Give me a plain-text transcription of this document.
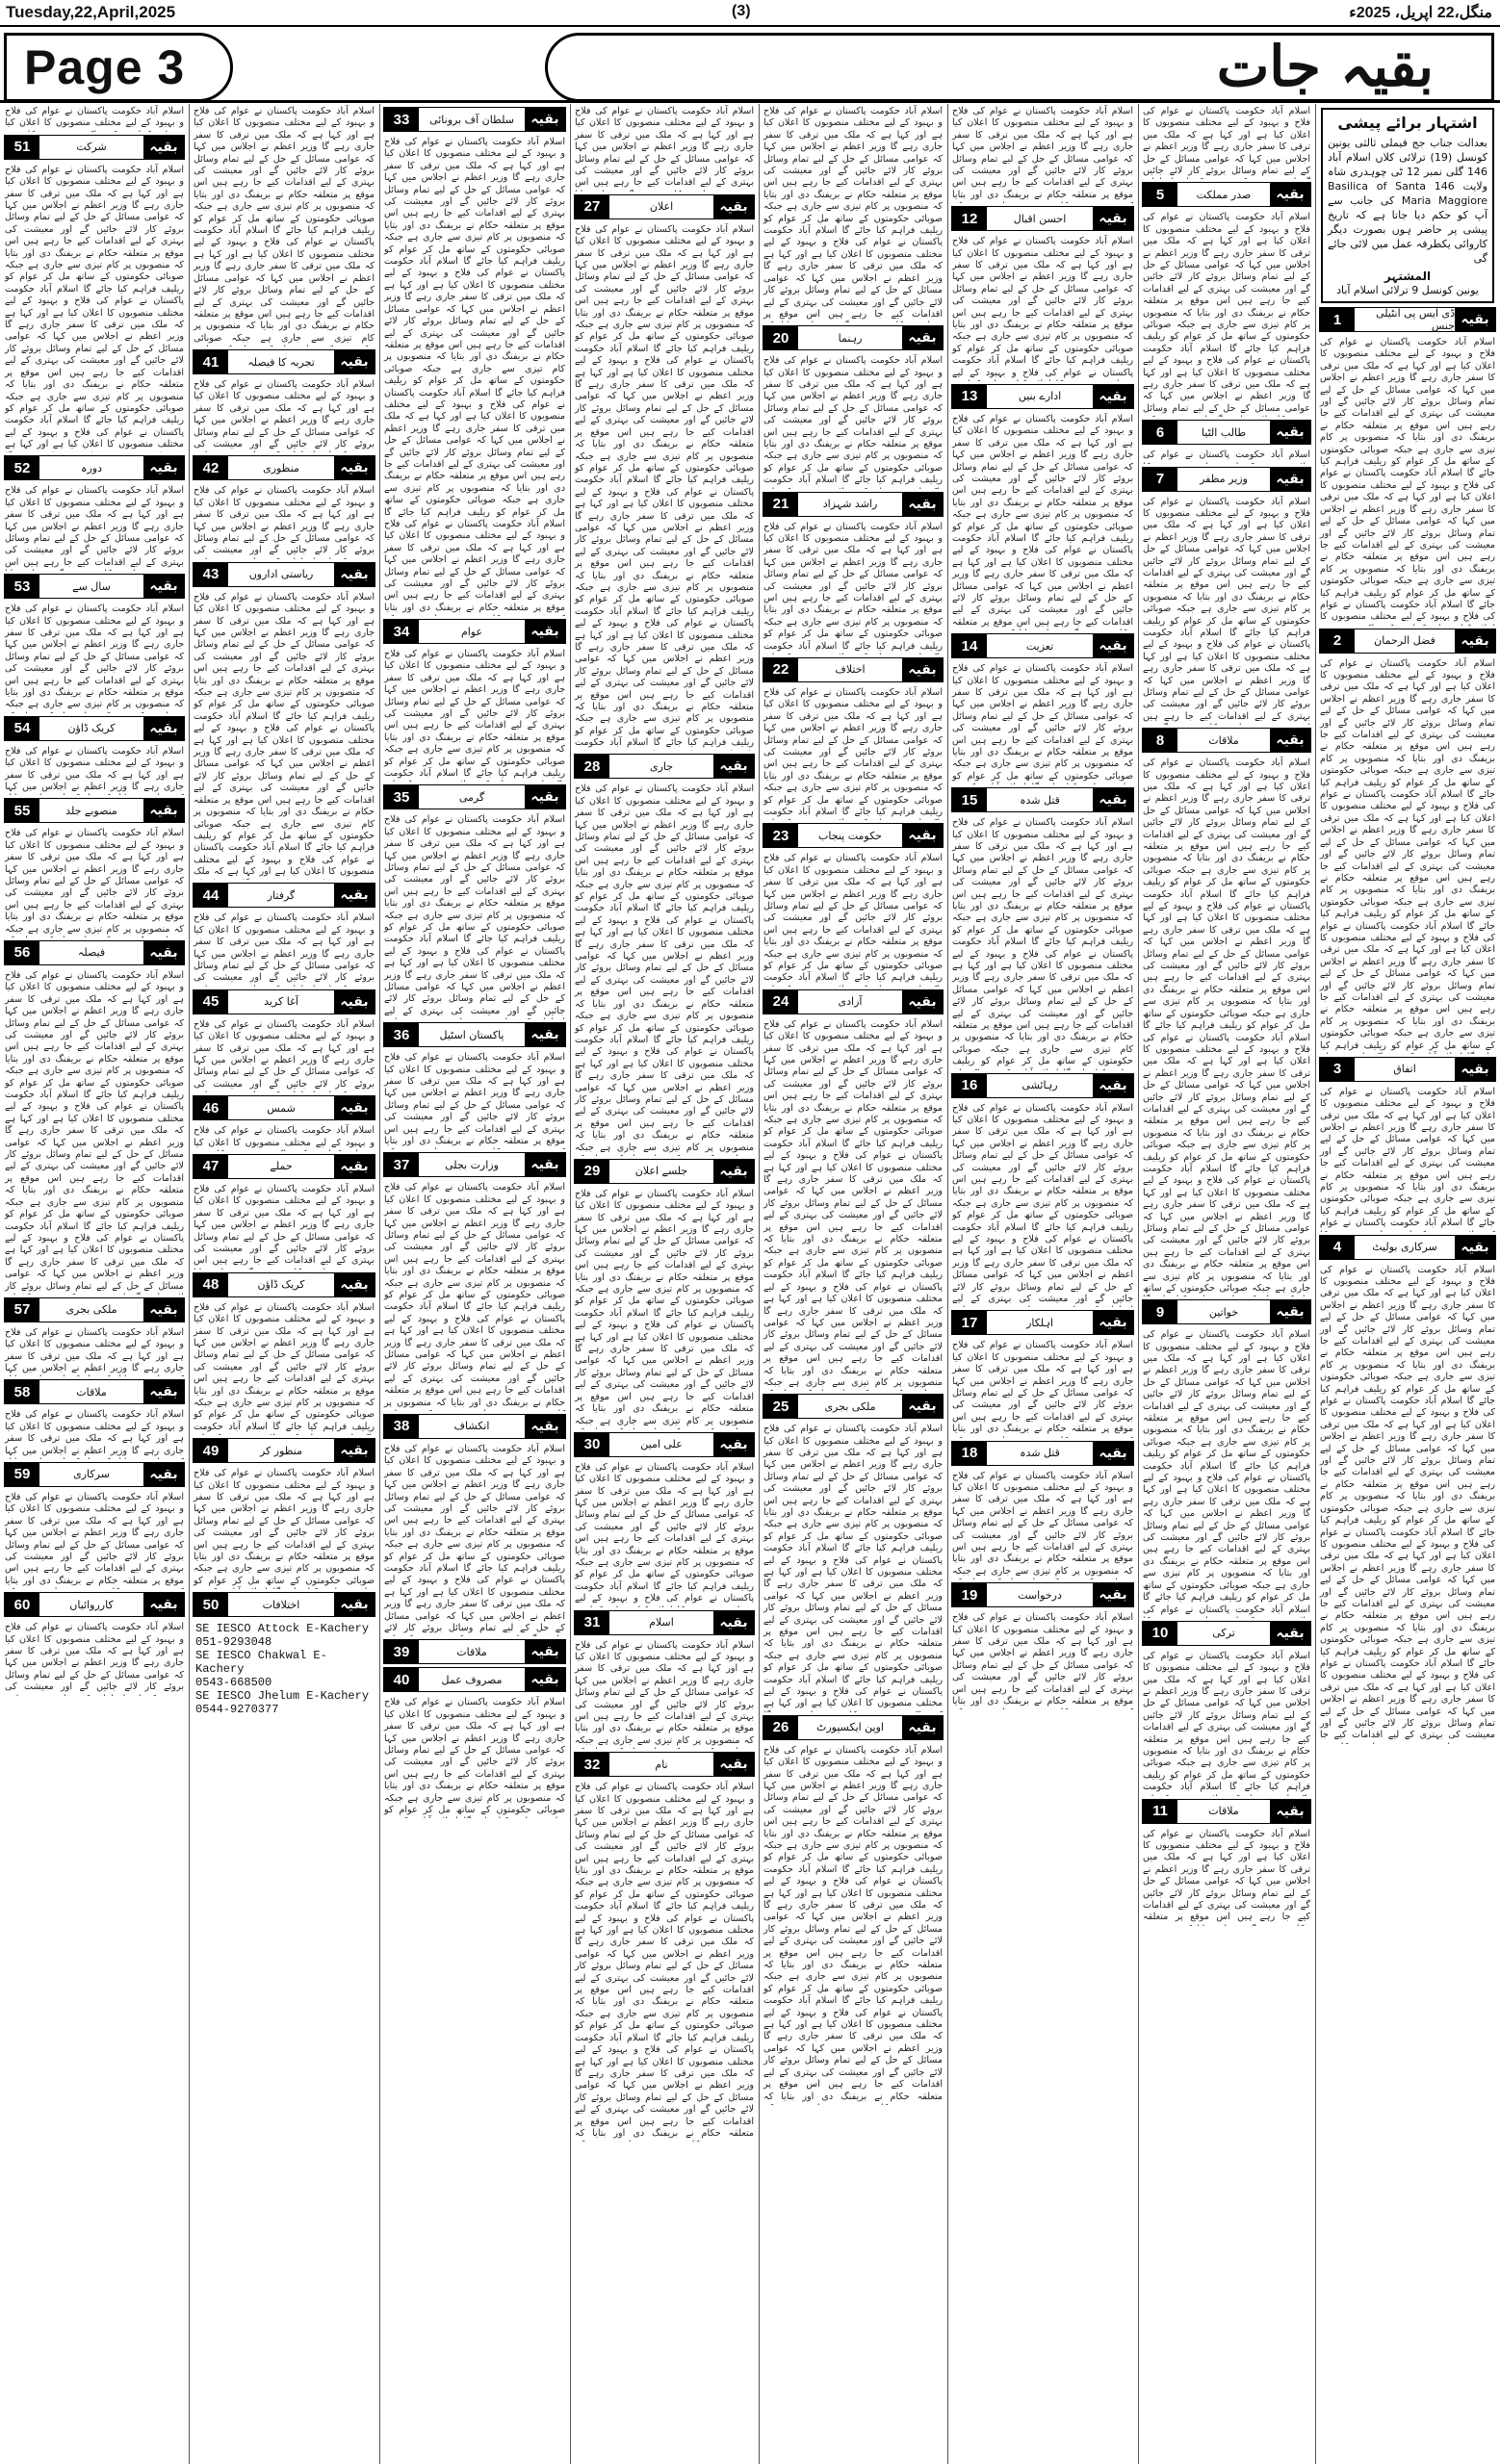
Tuesday,22,April,2025	(3)	منگل،22 اپریل، 2025ء
Page 3	بقیہ جات
اسلام آباد حکومت پاکستان نے عوام کی فلاح و بہبود کے لیے مختلف منصوبوں کا اعلان کیا
51	شرکت	بقیہ
اسلام آباد حکومت پاکستان نے عوام کی فلاح و بہبود کے لیے مختلف منصوبوں کا اعلان کیا ہے اور کہا ہے کہ ملک میں ترقی کا سفر جاری رہے گا وزیر اعظم نے اجلاس میں کہا کہ عوامی مسائل کے حل کے لیے تمام وسائل بروئے کار لائے جائیں گے اور معیشت کی بہتری کے لیے اقدامات کیے جا رہے ہیں اس موقع پر متعلقہ حکام نے بریفنگ دی اور بتایا کہ منصوبوں پر کام تیزی سے جاری ہے جبکہ صوبائی حکومتوں کے ساتھ مل کر عوام کو ریلیف فراہم کیا جائے گا اسلام آباد حکومت پاکستان نے عوام کی فلاح و بہبود کے لیے مختلف منصوبوں کا اعلان کیا ہے اور کہا ہے کہ ملک میں ترقی کا سفر جاری رہے گا وزیر اعظم نے اجلاس میں کہا کہ عوامی مسائل کے حل کے لیے تمام وسائل بروئے کار لائے جائیں گے اور معیشت کی بہتری کے لیے اقدامات کیے جا رہے ہیں اس موقع پر متعلقہ حکام نے بریفنگ دی اور بتایا کہ منصوبوں پر کام تیزی سے جاری ہے جبکہ صوبائی حکومتوں کے ساتھ مل کر عوام کو ریلیف فراہم کیا جائے گا اسلام آباد حکومت پاکستان نے عوام کی فلاح و بہبود کے لیے مختلف منصوبوں کا اعلان کیا ہے اور کہا ہے
52	دورہ	بقیہ
اسلام آباد حکومت پاکستان نے عوام کی فلاح و بہبود کے لیے مختلف منصوبوں کا اعلان کیا ہے اور کہا ہے کہ ملک میں ترقی کا سفر جاری رہے گا وزیر اعظم نے اجلاس میں کہا کہ عوامی مسائل کے حل کے لیے تمام وسائل بروئے کار لائے جائیں گے اور معیشت کی بہتری کے لیے اقدامات کیے جا رہے ہیں اس
53	سال سے	بقیہ
اسلام آباد حکومت پاکستان نے عوام کی فلاح و بہبود کے لیے مختلف منصوبوں کا اعلان کیا ہے اور کہا ہے کہ ملک میں ترقی کا سفر جاری رہے گا وزیر اعظم نے اجلاس میں کہا کہ عوامی مسائل کے حل کے لیے تمام وسائل بروئے کار لائے جائیں گے اور معیشت کی بہتری کے لیے اقدامات کیے جا رہے ہیں اس موقع پر متعلقہ حکام نے بریفنگ دی اور بتایا کہ منصوبوں پر کام تیزی سے جاری ہے جبکہ
54	کریک ڈاؤن	بقیہ
اسلام آباد حکومت پاکستان نے عوام کی فلاح و بہبود کے لیے مختلف منصوبوں کا اعلان کیا ہے اور کہا ہے کہ ملک میں ترقی کا سفر جاری رہے گا وزیر اعظم نے اجلاس میں کہا
55	منصوبے جلد	بقیہ
اسلام آباد حکومت پاکستان نے عوام کی فلاح و بہبود کے لیے مختلف منصوبوں کا اعلان کیا ہے اور کہا ہے کہ ملک میں ترقی کا سفر جاری رہے گا وزیر اعظم نے اجلاس میں کہا کہ عوامی مسائل کے حل کے لیے تمام وسائل بروئے کار لائے جائیں گے اور معیشت کی بہتری کے لیے اقدامات کیے جا رہے ہیں اس موقع پر متعلقہ حکام نے بریفنگ دی اور بتایا کہ منصوبوں پر کام تیزی سے جاری ہے جبکہ
56	فیصلہ	بقیہ
اسلام آباد حکومت پاکستان نے عوام کی فلاح و بہبود کے لیے مختلف منصوبوں کا اعلان کیا ہے اور کہا ہے کہ ملک میں ترقی کا سفر جاری رہے گا وزیر اعظم نے اجلاس میں کہا کہ عوامی مسائل کے حل کے لیے تمام وسائل بروئے کار لائے جائیں گے اور معیشت کی بہتری کے لیے اقدامات کیے جا رہے ہیں اس موقع پر متعلقہ حکام نے بریفنگ دی اور بتایا کہ منصوبوں پر کام تیزی سے جاری ہے جبکہ صوبائی حکومتوں کے ساتھ مل کر عوام کو ریلیف فراہم کیا جائے گا اسلام آباد حکومت پاکستان نے عوام کی فلاح و بہبود کے لیے مختلف منصوبوں کا اعلان کیا ہے اور کہا ہے کہ ملک میں ترقی کا سفر جاری رہے گا وزیر اعظم نے اجلاس میں کہا کہ عوامی مسائل کے حل کے لیے تمام وسائل بروئے کار لائے جائیں گے اور معیشت کی بہتری کے لیے اقدامات کیے جا رہے ہیں اس موقع پر متعلقہ حکام نے بریفنگ دی اور بتایا کہ منصوبوں پر کام تیزی سے جاری ہے جبکہ صوبائی حکومتوں کے ساتھ مل کر عوام کو ریلیف فراہم کیا جائے گا اسلام آباد حکومت پاکستان نے عوام کی فلاح و بہبود کے لیے مختلف منصوبوں کا اعلان کیا ہے اور کہا ہے کہ ملک میں ترقی کا سفر جاری رہے گا وزیر اعظم نے اجلاس میں کہا کہ عوامی مسائل کے حل کے لیے تمام وسائل بروئے کار
57	ملکی بجری	بقیہ
اسلام آباد حکومت پاکستان نے عوام کی فلاح و بہبود کے لیے مختلف منصوبوں کا اعلان کیا ہے اور کہا ہے کہ ملک میں ترقی کا سفر جاری رہے گا وزیر اعظم نے اجلاس میں کہا
58	ملاقات	بقیہ
اسلام آباد حکومت پاکستان نے عوام کی فلاح و بہبود کے لیے مختلف منصوبوں کا اعلان کیا ہے اور کہا ہے کہ ملک میں ترقی کا سفر جاری رہے گا وزیر اعظم نے اجلاس میں کہا
59	سرکاری	بقیہ
اسلام آباد حکومت پاکستان نے عوام کی فلاح و بہبود کے لیے مختلف منصوبوں کا اعلان کیا ہے اور کہا ہے کہ ملک میں ترقی کا سفر جاری رہے گا وزیر اعظم نے اجلاس میں کہا کہ عوامی مسائل کے حل کے لیے تمام وسائل بروئے کار لائے جائیں گے اور معیشت کی بہتری کے لیے اقدامات کیے جا رہے ہیں اس موقع پر متعلقہ حکام نے بریفنگ دی اور بتایا
60	کارروائیاں	بقیہ
اسلام آباد حکومت پاکستان نے عوام کی فلاح و بہبود کے لیے مختلف منصوبوں کا اعلان کیا ہے اور کہا ہے کہ ملک میں ترقی کا سفر جاری رہے گا وزیر اعظم نے اجلاس میں کہا کہ عوامی مسائل کے حل کے لیے تمام وسائل بروئے کار لائے جائیں گے اور معیشت کی
اسلام آباد حکومت پاکستان نے عوام کی فلاح و بہبود کے لیے مختلف منصوبوں کا اعلان کیا ہے اور کہا ہے کہ ملک میں ترقی کا سفر جاری رہے گا وزیر اعظم نے اجلاس میں کہا کہ عوامی مسائل کے حل کے لیے تمام وسائل بروئے کار لائے جائیں گے اور معیشت کی بہتری کے لیے اقدامات کیے جا رہے ہیں اس موقع پر متعلقہ حکام نے بریفنگ دی اور بتایا کہ منصوبوں پر کام تیزی سے جاری ہے جبکہ صوبائی حکومتوں کے ساتھ مل کر عوام کو ریلیف فراہم کیا جائے گا اسلام آباد حکومت پاکستان نے عوام کی فلاح و بہبود کے لیے مختلف منصوبوں کا اعلان کیا ہے اور کہا ہے کہ ملک میں ترقی کا سفر جاری رہے گا وزیر اعظم نے اجلاس میں کہا کہ عوامی مسائل کے حل کے لیے تمام وسائل بروئے کار لائے جائیں گے اور معیشت کی بہتری کے لیے اقدامات کیے جا رہے ہیں اس موقع پر متعلقہ حکام نے بریفنگ دی اور بتایا کہ منصوبوں پر کام تیزی سے جاری ہے جبکہ صوبائی
41	تجربہ کا فیصلہ	بقیہ
اسلام آباد حکومت پاکستان نے عوام کی فلاح و بہبود کے لیے مختلف منصوبوں کا اعلان کیا ہے اور کہا ہے کہ ملک میں ترقی کا سفر جاری رہے گا وزیر اعظم نے اجلاس میں کہا کہ عوامی مسائل کے حل کے لیے تمام وسائل بروئے کار لائے جائیں گے اور معیشت کی
42	منظوری	بقیہ
اسلام آباد حکومت پاکستان نے عوام کی فلاح و بہبود کے لیے مختلف منصوبوں کا اعلان کیا ہے اور کہا ہے کہ ملک میں ترقی کا سفر جاری رہے گا وزیر اعظم نے اجلاس میں کہا کہ عوامی مسائل کے حل کے لیے تمام وسائل بروئے کار لائے جائیں گے اور معیشت کی
43	ریاستی اداروں	بقیہ
اسلام آباد حکومت پاکستان نے عوام کی فلاح و بہبود کے لیے مختلف منصوبوں کا اعلان کیا ہے اور کہا ہے کہ ملک میں ترقی کا سفر جاری رہے گا وزیر اعظم نے اجلاس میں کہا کہ عوامی مسائل کے حل کے لیے تمام وسائل بروئے کار لائے جائیں گے اور معیشت کی بہتری کے لیے اقدامات کیے جا رہے ہیں اس موقع پر متعلقہ حکام نے بریفنگ دی اور بتایا کہ منصوبوں پر کام تیزی سے جاری ہے جبکہ صوبائی حکومتوں کے ساتھ مل کر عوام کو ریلیف فراہم کیا جائے گا اسلام آباد حکومت پاکستان نے عوام کی فلاح و بہبود کے لیے مختلف منصوبوں کا اعلان کیا ہے اور کہا ہے کہ ملک میں ترقی کا سفر جاری رہے گا وزیر اعظم نے اجلاس میں کہا کہ عوامی مسائل کے حل کے لیے تمام وسائل بروئے کار لائے جائیں گے اور معیشت کی بہتری کے لیے اقدامات کیے جا رہے ہیں اس موقع پر متعلقہ حکام نے بریفنگ دی اور بتایا کہ منصوبوں پر کام تیزی سے جاری ہے جبکہ صوبائی حکومتوں کے ساتھ مل کر عوام کو ریلیف فراہم کیا جائے گا اسلام آباد حکومت پاکستان نے عوام کی فلاح و بہبود کے لیے مختلف منصوبوں کا اعلان کیا ہے اور کہا ہے کہ ملک
44	گرفتار	بقیہ
اسلام آباد حکومت پاکستان نے عوام کی فلاح و بہبود کے لیے مختلف منصوبوں کا اعلان کیا ہے اور کہا ہے کہ ملک میں ترقی کا سفر جاری رہے گا وزیر اعظم نے اجلاس میں کہا کہ عوامی مسائل کے حل کے لیے تمام وسائل بروئے کار لائے جائیں گے اور معیشت کی
45	آغا کرید	بقیہ
اسلام آباد حکومت پاکستان نے عوام کی فلاح و بہبود کے لیے مختلف منصوبوں کا اعلان کیا ہے اور کہا ہے کہ ملک میں ترقی کا سفر جاری رہے گا وزیر اعظم نے اجلاس میں کہا کہ عوامی مسائل کے حل کے لیے تمام وسائل بروئے کار لائے جائیں گے اور معیشت کی
46	شمس	بقیہ
اسلام آباد حکومت پاکستان نے عوام کی فلاح و بہبود کے لیے مختلف منصوبوں کا اعلان کیا
47	حملے	بقیہ
اسلام آباد حکومت پاکستان نے عوام کی فلاح و بہبود کے لیے مختلف منصوبوں کا اعلان کیا ہے اور کہا ہے کہ ملک میں ترقی کا سفر جاری رہے گا وزیر اعظم نے اجلاس میں کہا کہ عوامی مسائل کے حل کے لیے تمام وسائل بروئے کار لائے جائیں گے اور معیشت کی بہتری کے لیے اقدامات کیے جا رہے ہیں اس
48	کریک ڈاؤن	بقیہ
اسلام آباد حکومت پاکستان نے عوام کی فلاح و بہبود کے لیے مختلف منصوبوں کا اعلان کیا ہے اور کہا ہے کہ ملک میں ترقی کا سفر جاری رہے گا وزیر اعظم نے اجلاس میں کہا کہ عوامی مسائل کے حل کے لیے تمام وسائل بروئے کار لائے جائیں گے اور معیشت کی بہتری کے لیے اقدامات کیے جا رہے ہیں اس موقع پر متعلقہ حکام نے بریفنگ دی اور بتایا کہ منصوبوں پر کام تیزی سے جاری ہے جبکہ صوبائی حکومتوں کے ساتھ مل کر عوام کو ریلیف فراہم کیا جائے گا اسلام آباد حکومت
49	منظور کر	بقیہ
اسلام آباد حکومت پاکستان نے عوام کی فلاح و بہبود کے لیے مختلف منصوبوں کا اعلان کیا ہے اور کہا ہے کہ ملک میں ترقی کا سفر جاری رہے گا وزیر اعظم نے اجلاس میں کہا کہ عوامی مسائل کے حل کے لیے تمام وسائل بروئے کار لائے جائیں گے اور معیشت کی بہتری کے لیے اقدامات کیے جا رہے ہیں اس موقع پر متعلقہ حکام نے بریفنگ دی اور بتایا کہ منصوبوں پر کام تیزی سے جاری ہے جبکہ صوبائی حکومتوں کے ساتھ مل کر عوام کو
50	اختلافات	بقیہ
SE IESCO Attock E-Kachery
051-9293048
SE IESCO Chakwal E-Kachery
0543-668500
SE IESCO Jhelum E-Kachery
0544-9270377
33	سلطان آف برونائی	بقیہ
اسلام آباد حکومت پاکستان نے عوام کی فلاح و بہبود کے لیے مختلف منصوبوں کا اعلان کیا ہے اور کہا ہے کہ ملک میں ترقی کا سفر جاری رہے گا وزیر اعظم نے اجلاس میں کہا کہ عوامی مسائل کے حل کے لیے تمام وسائل بروئے کار لائے جائیں گے اور معیشت کی بہتری کے لیے اقدامات کیے جا رہے ہیں اس موقع پر متعلقہ حکام نے بریفنگ دی اور بتایا کہ منصوبوں پر کام تیزی سے جاری ہے جبکہ صوبائی حکومتوں کے ساتھ مل کر عوام کو ریلیف فراہم کیا جائے گا اسلام آباد حکومت پاکستان نے عوام کی فلاح و بہبود کے لیے مختلف منصوبوں کا اعلان کیا ہے اور کہا ہے کہ ملک میں ترقی کا سفر جاری رہے گا وزیر اعظم نے اجلاس میں کہا کہ عوامی مسائل کے حل کے لیے تمام وسائل بروئے کار لائے جائیں گے اور معیشت کی بہتری کے لیے اقدامات کیے جا رہے ہیں اس موقع پر متعلقہ حکام نے بریفنگ دی اور بتایا کہ منصوبوں پر کام تیزی سے جاری ہے جبکہ صوبائی حکومتوں کے ساتھ مل کر عوام کو ریلیف فراہم کیا جائے گا اسلام آباد حکومت پاکستان نے عوام کی فلاح و بہبود کے لیے مختلف منصوبوں کا اعلان کیا ہے اور کہا ہے کہ ملک میں ترقی کا سفر جاری رہے گا وزیر اعظم نے اجلاس میں کہا کہ عوامی مسائل کے حل کے لیے تمام وسائل بروئے کار لائے جائیں گے اور معیشت کی بہتری کے لیے اقدامات کیے جا رہے ہیں اس موقع پر متعلقہ حکام نے بریفنگ دی اور بتایا کہ منصوبوں پر کام تیزی سے جاری ہے جبکہ صوبائی حکومتوں کے ساتھ مل کر عوام کو ریلیف فراہم کیا جائے گا اسلام آباد حکومت پاکستان نے عوام کی فلاح و بہبود کے لیے مختلف منصوبوں کا اعلان کیا ہے اور کہا ہے کہ ملک میں ترقی کا سفر جاری رہے گا وزیر اعظم نے اجلاس میں کہا کہ عوامی مسائل کے حل کے لیے تمام وسائل بروئے کار لائے جائیں گے اور معیشت کی بہتری کے لیے اقدامات کیے جا رہے ہیں اس موقع پر متعلقہ حکام نے بریفنگ دی اور بتایا
34	عوام	بقیہ
اسلام آباد حکومت پاکستان نے عوام کی فلاح و بہبود کے لیے مختلف منصوبوں کا اعلان کیا ہے اور کہا ہے کہ ملک میں ترقی کا سفر جاری رہے گا وزیر اعظم نے اجلاس میں کہا کہ عوامی مسائل کے حل کے لیے تمام وسائل بروئے کار لائے جائیں گے اور معیشت کی بہتری کے لیے اقدامات کیے جا رہے ہیں اس موقع پر متعلقہ حکام نے بریفنگ دی اور بتایا کہ منصوبوں پر کام تیزی سے جاری ہے جبکہ صوبائی حکومتوں کے ساتھ مل کر عوام کو ریلیف فراہم کیا جائے گا اسلام آباد حکومت
35	گرمی	بقیہ
اسلام آباد حکومت پاکستان نے عوام کی فلاح و بہبود کے لیے مختلف منصوبوں کا اعلان کیا ہے اور کہا ہے کہ ملک میں ترقی کا سفر جاری رہے گا وزیر اعظم نے اجلاس میں کہا کہ عوامی مسائل کے حل کے لیے تمام وسائل بروئے کار لائے جائیں گے اور معیشت کی بہتری کے لیے اقدامات کیے جا رہے ہیں اس موقع پر متعلقہ حکام نے بریفنگ دی اور بتایا کہ منصوبوں پر کام تیزی سے جاری ہے جبکہ صوبائی حکومتوں کے ساتھ مل کر عوام کو ریلیف فراہم کیا جائے گا اسلام آباد حکومت پاکستان نے عوام کی فلاح و بہبود کے لیے مختلف منصوبوں کا اعلان کیا ہے اور کہا ہے کہ ملک میں ترقی کا سفر جاری رہے گا وزیر اعظم نے اجلاس میں کہا کہ عوامی مسائل کے حل کے لیے تمام وسائل بروئے کار لائے جائیں گے اور معیشت کی بہتری کے لیے
36	پاکستان اسٹیل	بقیہ
اسلام آباد حکومت پاکستان نے عوام کی فلاح و بہبود کے لیے مختلف منصوبوں کا اعلان کیا ہے اور کہا ہے کہ ملک میں ترقی کا سفر جاری رہے گا وزیر اعظم نے اجلاس میں کہا کہ عوامی مسائل کے حل کے لیے تمام وسائل بروئے کار لائے جائیں گے اور معیشت کی بہتری کے لیے اقدامات کیے جا رہے ہیں اس موقع پر متعلقہ حکام نے بریفنگ دی اور بتایا
37	وزارت بجلی	بقیہ
اسلام آباد حکومت پاکستان نے عوام کی فلاح و بہبود کے لیے مختلف منصوبوں کا اعلان کیا ہے اور کہا ہے کہ ملک میں ترقی کا سفر جاری رہے گا وزیر اعظم نے اجلاس میں کہا کہ عوامی مسائل کے حل کے لیے تمام وسائل بروئے کار لائے جائیں گے اور معیشت کی بہتری کے لیے اقدامات کیے جا رہے ہیں اس موقع پر متعلقہ حکام نے بریفنگ دی اور بتایا کہ منصوبوں پر کام تیزی سے جاری ہے جبکہ صوبائی حکومتوں کے ساتھ مل کر عوام کو ریلیف فراہم کیا جائے گا اسلام آباد حکومت پاکستان نے عوام کی فلاح و بہبود کے لیے مختلف منصوبوں کا اعلان کیا ہے اور کہا ہے کہ ملک میں ترقی کا سفر جاری رہے گا وزیر اعظم نے اجلاس میں کہا کہ عوامی مسائل کے حل کے لیے تمام وسائل بروئے کار لائے جائیں گے اور معیشت کی بہتری کے لیے اقدامات کیے جا رہے ہیں اس موقع پر متعلقہ حکام نے بریفنگ دی اور بتایا کہ منصوبوں پر
38	انکشاف	بقیہ
اسلام آباد حکومت پاکستان نے عوام کی فلاح و بہبود کے لیے مختلف منصوبوں کا اعلان کیا ہے اور کہا ہے کہ ملک میں ترقی کا سفر جاری رہے گا وزیر اعظم نے اجلاس میں کہا کہ عوامی مسائل کے حل کے لیے تمام وسائل بروئے کار لائے جائیں گے اور معیشت کی بہتری کے لیے اقدامات کیے جا رہے ہیں اس موقع پر متعلقہ حکام نے بریفنگ دی اور بتایا کہ منصوبوں پر کام تیزی سے جاری ہے جبکہ صوبائی حکومتوں کے ساتھ مل کر عوام کو ریلیف فراہم کیا جائے گا اسلام آباد حکومت پاکستان نے عوام کی فلاح و بہبود کے لیے مختلف منصوبوں کا اعلان کیا ہے اور کہا ہے کہ ملک میں ترقی کا سفر جاری رہے گا وزیر اعظم نے اجلاس میں کہا کہ عوامی مسائل کے حل کے لیے تمام وسائل بروئے کار لائے
39	ملاقات	بقیہ
40	مصروف عمل	بقیہ
اسلام آباد حکومت پاکستان نے عوام کی فلاح و بہبود کے لیے مختلف منصوبوں کا اعلان کیا ہے اور کہا ہے کہ ملک میں ترقی کا سفر جاری رہے گا وزیر اعظم نے اجلاس میں کہا کہ عوامی مسائل کے حل کے لیے تمام وسائل بروئے کار لائے جائیں گے اور معیشت کی بہتری کے لیے اقدامات کیے جا رہے ہیں اس موقع پر متعلقہ حکام نے بریفنگ دی اور بتایا کہ منصوبوں پر کام تیزی سے جاری ہے جبکہ صوبائی حکومتوں کے ساتھ مل کر عوام کو
اسلام آباد حکومت پاکستان نے عوام کی فلاح و بہبود کے لیے مختلف منصوبوں کا اعلان کیا ہے اور کہا ہے کہ ملک میں ترقی کا سفر جاری رہے گا وزیر اعظم نے اجلاس میں کہا کہ عوامی مسائل کے حل کے لیے تمام وسائل بروئے کار لائے جائیں گے اور معیشت کی بہتری کے لیے اقدامات کیے جا رہے ہیں اس
27	اعلان	بقیہ
اسلام آباد حکومت پاکستان نے عوام کی فلاح و بہبود کے لیے مختلف منصوبوں کا اعلان کیا ہے اور کہا ہے کہ ملک میں ترقی کا سفر جاری رہے گا وزیر اعظم نے اجلاس میں کہا کہ عوامی مسائل کے حل کے لیے تمام وسائل بروئے کار لائے جائیں گے اور معیشت کی بہتری کے لیے اقدامات کیے جا رہے ہیں اس موقع پر متعلقہ حکام نے بریفنگ دی اور بتایا کہ منصوبوں پر کام تیزی سے جاری ہے جبکہ صوبائی حکومتوں کے ساتھ مل کر عوام کو ریلیف فراہم کیا جائے گا اسلام آباد حکومت پاکستان نے عوام کی فلاح و بہبود کے لیے مختلف منصوبوں کا اعلان کیا ہے اور کہا ہے کہ ملک میں ترقی کا سفر جاری رہے گا وزیر اعظم نے اجلاس میں کہا کہ عوامی مسائل کے حل کے لیے تمام وسائل بروئے کار لائے جائیں گے اور معیشت کی بہتری کے لیے اقدامات کیے جا رہے ہیں اس موقع پر متعلقہ حکام نے بریفنگ دی اور بتایا کہ منصوبوں پر کام تیزی سے جاری ہے جبکہ صوبائی حکومتوں کے ساتھ مل کر عوام کو ریلیف فراہم کیا جائے گا اسلام آباد حکومت پاکستان نے عوام کی فلاح و بہبود کے لیے مختلف منصوبوں کا اعلان کیا ہے اور کہا ہے کہ ملک میں ترقی کا سفر جاری رہے گا وزیر اعظم نے اجلاس میں کہا کہ عوامی مسائل کے حل کے لیے تمام وسائل بروئے کار لائے جائیں گے اور معیشت کی بہتری کے لیے اقدامات کیے جا رہے ہیں اس موقع پر متعلقہ حکام نے بریفنگ دی اور بتایا کہ منصوبوں پر کام تیزی سے جاری ہے جبکہ صوبائی حکومتوں کے ساتھ مل کر عوام کو ریلیف فراہم کیا جائے گا اسلام آباد حکومت پاکستان نے عوام کی فلاح و بہبود کے لیے مختلف منصوبوں کا اعلان کیا ہے اور کہا ہے کہ ملک میں ترقی کا سفر جاری رہے گا وزیر اعظم نے اجلاس میں کہا کہ عوامی مسائل کے حل کے لیے تمام وسائل بروئے کار لائے جائیں گے اور معیشت کی بہتری کے لیے اقدامات کیے جا رہے ہیں اس موقع پر متعلقہ حکام نے بریفنگ دی اور بتایا کہ منصوبوں پر کام تیزی سے جاری ہے جبکہ صوبائی حکومتوں کے ساتھ مل کر عوام کو ریلیف فراہم کیا جائے گا اسلام آباد حکومت
28	جاری	بقیہ
اسلام آباد حکومت پاکستان نے عوام کی فلاح و بہبود کے لیے مختلف منصوبوں کا اعلان کیا ہے اور کہا ہے کہ ملک میں ترقی کا سفر جاری رہے گا وزیر اعظم نے اجلاس میں کہا کہ عوامی مسائل کے حل کے لیے تمام وسائل بروئے کار لائے جائیں گے اور معیشت کی بہتری کے لیے اقدامات کیے جا رہے ہیں اس موقع پر متعلقہ حکام نے بریفنگ دی اور بتایا کہ منصوبوں پر کام تیزی سے جاری ہے جبکہ صوبائی حکومتوں کے ساتھ مل کر عوام کو ریلیف فراہم کیا جائے گا اسلام آباد حکومت پاکستان نے عوام کی فلاح و بہبود کے لیے مختلف منصوبوں کا اعلان کیا ہے اور کہا ہے کہ ملک میں ترقی کا سفر جاری رہے گا وزیر اعظم نے اجلاس میں کہا کہ عوامی مسائل کے حل کے لیے تمام وسائل بروئے کار لائے جائیں گے اور معیشت کی بہتری کے لیے اقدامات کیے جا رہے ہیں اس موقع پر متعلقہ حکام نے بریفنگ دی اور بتایا کہ منصوبوں پر کام تیزی سے جاری ہے جبکہ صوبائی حکومتوں کے ساتھ مل کر عوام کو ریلیف فراہم کیا جائے گا اسلام آباد حکومت پاکستان نے عوام کی فلاح و بہبود کے لیے مختلف منصوبوں کا اعلان کیا ہے اور کہا ہے کہ ملک میں ترقی کا سفر جاری رہے گا وزیر اعظم نے اجلاس میں کہا کہ عوامی مسائل کے حل کے لیے تمام وسائل بروئے کار لائے جائیں گے اور معیشت کی بہتری کے لیے اقدامات کیے جا رہے ہیں اس موقع پر متعلقہ حکام نے بریفنگ دی اور بتایا کہ منصوبوں پر کام تیزی سے جاری ہے جبکہ
29	جلسے اعلان	بقیہ
اسلام آباد حکومت پاکستان نے عوام کی فلاح و بہبود کے لیے مختلف منصوبوں کا اعلان کیا ہے اور کہا ہے کہ ملک میں ترقی کا سفر جاری رہے گا وزیر اعظم نے اجلاس میں کہا کہ عوامی مسائل کے حل کے لیے تمام وسائل بروئے کار لائے جائیں گے اور معیشت کی بہتری کے لیے اقدامات کیے جا رہے ہیں اس موقع پر متعلقہ حکام نے بریفنگ دی اور بتایا کہ منصوبوں پر کام تیزی سے جاری ہے جبکہ صوبائی حکومتوں کے ساتھ مل کر عوام کو ریلیف فراہم کیا جائے گا اسلام آباد حکومت پاکستان نے عوام کی فلاح و بہبود کے لیے مختلف منصوبوں کا اعلان کیا ہے اور کہا ہے کہ ملک میں ترقی کا سفر جاری رہے گا وزیر اعظم نے اجلاس میں کہا کہ عوامی مسائل کے حل کے لیے تمام وسائل بروئے کار لائے جائیں گے اور معیشت کی بہتری کے لیے اقدامات کیے جا رہے ہیں اس موقع پر متعلقہ حکام نے بریفنگ دی اور بتایا کہ منصوبوں پر کام تیزی سے جاری ہے جبکہ
30	علی امین	بقیہ
اسلام آباد حکومت پاکستان نے عوام کی فلاح و بہبود کے لیے مختلف منصوبوں کا اعلان کیا ہے اور کہا ہے کہ ملک میں ترقی کا سفر جاری رہے گا وزیر اعظم نے اجلاس میں کہا کہ عوامی مسائل کے حل کے لیے تمام وسائل بروئے کار لائے جائیں گے اور معیشت کی بہتری کے لیے اقدامات کیے جا رہے ہیں اس موقع پر متعلقہ حکام نے بریفنگ دی اور بتایا کہ منصوبوں پر کام تیزی سے جاری ہے جبکہ صوبائی حکومتوں کے ساتھ مل کر عوام کو ریلیف فراہم کیا جائے گا اسلام آباد حکومت پاکستان نے عوام کی فلاح و بہبود کے لیے
31	اسلام	بقیہ
اسلام آباد حکومت پاکستان نے عوام کی فلاح و بہبود کے لیے مختلف منصوبوں کا اعلان کیا ہے اور کہا ہے کہ ملک میں ترقی کا سفر جاری رہے گا وزیر اعظم نے اجلاس میں کہا کہ عوامی مسائل کے حل کے لیے تمام وسائل بروئے کار لائے جائیں گے اور معیشت کی بہتری کے لیے اقدامات کیے جا رہے ہیں اس موقع پر متعلقہ حکام نے بریفنگ دی اور بتایا کہ منصوبوں پر کام تیزی سے جاری ہے جبکہ
32	نام	بقیہ
اسلام آباد حکومت پاکستان نے عوام کی فلاح و بہبود کے لیے مختلف منصوبوں کا اعلان کیا ہے اور کہا ہے کہ ملک میں ترقی کا سفر جاری رہے گا وزیر اعظم نے اجلاس میں کہا کہ عوامی مسائل کے حل کے لیے تمام وسائل بروئے کار لائے جائیں گے اور معیشت کی بہتری کے لیے اقدامات کیے جا رہے ہیں اس موقع پر متعلقہ حکام نے بریفنگ دی اور بتایا کہ منصوبوں پر کام تیزی سے جاری ہے جبکہ صوبائی حکومتوں کے ساتھ مل کر عوام کو ریلیف فراہم کیا جائے گا اسلام آباد حکومت پاکستان نے عوام کی فلاح و بہبود کے لیے مختلف منصوبوں کا اعلان کیا ہے اور کہا ہے کہ ملک میں ترقی کا سفر جاری رہے گا وزیر اعظم نے اجلاس میں کہا کہ عوامی مسائل کے حل کے لیے تمام وسائل بروئے کار لائے جائیں گے اور معیشت کی بہتری کے لیے اقدامات کیے جا رہے ہیں اس موقع پر متعلقہ حکام نے بریفنگ دی اور بتایا کہ منصوبوں پر کام تیزی سے جاری ہے جبکہ صوبائی حکومتوں کے ساتھ مل کر عوام کو ریلیف فراہم کیا جائے گا اسلام آباد حکومت پاکستان نے عوام کی فلاح و بہبود کے لیے مختلف منصوبوں کا اعلان کیا ہے اور کہا ہے کہ ملک میں ترقی کا سفر جاری رہے گا وزیر اعظم نے اجلاس میں کہا کہ عوامی مسائل کے حل کے لیے تمام وسائل بروئے کار لائے جائیں گے اور معیشت کی بہتری کے لیے اقدامات کیے جا رہے ہیں اس موقع پر متعلقہ حکام نے بریفنگ دی اور بتایا کہ
اسلام آباد حکومت پاکستان نے عوام کی فلاح و بہبود کے لیے مختلف منصوبوں کا اعلان کیا ہے اور کہا ہے کہ ملک میں ترقی کا سفر جاری رہے گا وزیر اعظم نے اجلاس میں کہا کہ عوامی مسائل کے حل کے لیے تمام وسائل بروئے کار لائے جائیں گے اور معیشت کی بہتری کے لیے اقدامات کیے جا رہے ہیں اس موقع پر متعلقہ حکام نے بریفنگ دی اور بتایا کہ منصوبوں پر کام تیزی سے جاری ہے جبکہ صوبائی حکومتوں کے ساتھ مل کر عوام کو ریلیف فراہم کیا جائے گا اسلام آباد حکومت پاکستان نے عوام کی فلاح و بہبود کے لیے مختلف منصوبوں کا اعلان کیا ہے اور کہا ہے کہ ملک میں ترقی کا سفر جاری رہے گا وزیر اعظم نے اجلاس میں کہا کہ عوامی مسائل کے حل کے لیے تمام وسائل بروئے کار لائے جائیں گے اور معیشت کی بہتری کے لیے اقدامات کیے جا رہے ہیں اس موقع پر
20	رہنما	بقیہ
اسلام آباد حکومت پاکستان نے عوام کی فلاح و بہبود کے لیے مختلف منصوبوں کا اعلان کیا ہے اور کہا ہے کہ ملک میں ترقی کا سفر جاری رہے گا وزیر اعظم نے اجلاس میں کہا کہ عوامی مسائل کے حل کے لیے تمام وسائل بروئے کار لائے جائیں گے اور معیشت کی بہتری کے لیے اقدامات کیے جا رہے ہیں اس موقع پر متعلقہ حکام نے بریفنگ دی اور بتایا کہ منصوبوں پر کام تیزی سے جاری ہے جبکہ صوبائی حکومتوں کے ساتھ مل کر عوام کو ریلیف فراہم کیا جائے گا اسلام آباد حکومت
21	راشد شہزاد	بقیہ
اسلام آباد حکومت پاکستان نے عوام کی فلاح و بہبود کے لیے مختلف منصوبوں کا اعلان کیا ہے اور کہا ہے کہ ملک میں ترقی کا سفر جاری رہے گا وزیر اعظم نے اجلاس میں کہا کہ عوامی مسائل کے حل کے لیے تمام وسائل بروئے کار لائے جائیں گے اور معیشت کی بہتری کے لیے اقدامات کیے جا رہے ہیں اس موقع پر متعلقہ حکام نے بریفنگ دی اور بتایا کہ منصوبوں پر کام تیزی سے جاری ہے جبکہ صوبائی حکومتوں کے ساتھ مل کر عوام کو ریلیف فراہم کیا جائے گا اسلام آباد حکومت
22	اختلاف	بقیہ
اسلام آباد حکومت پاکستان نے عوام کی فلاح و بہبود کے لیے مختلف منصوبوں کا اعلان کیا ہے اور کہا ہے کہ ملک میں ترقی کا سفر جاری رہے گا وزیر اعظم نے اجلاس میں کہا کہ عوامی مسائل کے حل کے لیے تمام وسائل بروئے کار لائے جائیں گے اور معیشت کی بہتری کے لیے اقدامات کیے جا رہے ہیں اس موقع پر متعلقہ حکام نے بریفنگ دی اور بتایا کہ منصوبوں پر کام تیزی سے جاری ہے جبکہ صوبائی حکومتوں کے ساتھ مل کر عوام کو ریلیف فراہم کیا جائے گا اسلام آباد حکومت
23	حکومت پنجاب	بقیہ
اسلام آباد حکومت پاکستان نے عوام کی فلاح و بہبود کے لیے مختلف منصوبوں کا اعلان کیا ہے اور کہا ہے کہ ملک میں ترقی کا سفر جاری رہے گا وزیر اعظم نے اجلاس میں کہا کہ عوامی مسائل کے حل کے لیے تمام وسائل بروئے کار لائے جائیں گے اور معیشت کی بہتری کے لیے اقدامات کیے جا رہے ہیں اس موقع پر متعلقہ حکام نے بریفنگ دی اور بتایا کہ منصوبوں پر کام تیزی سے جاری ہے جبکہ صوبائی حکومتوں کے ساتھ مل کر عوام کو ریلیف فراہم کیا جائے گا اسلام آباد حکومت
24	آزادی	بقیہ
اسلام آباد حکومت پاکستان نے عوام کی فلاح و بہبود کے لیے مختلف منصوبوں کا اعلان کیا ہے اور کہا ہے کہ ملک میں ترقی کا سفر جاری رہے گا وزیر اعظم نے اجلاس میں کہا کہ عوامی مسائل کے حل کے لیے تمام وسائل بروئے کار لائے جائیں گے اور معیشت کی بہتری کے لیے اقدامات کیے جا رہے ہیں اس موقع پر متعلقہ حکام نے بریفنگ دی اور بتایا کہ منصوبوں پر کام تیزی سے جاری ہے جبکہ صوبائی حکومتوں کے ساتھ مل کر عوام کو ریلیف فراہم کیا جائے گا اسلام آباد حکومت پاکستان نے عوام کی فلاح و بہبود کے لیے مختلف منصوبوں کا اعلان کیا ہے اور کہا ہے کہ ملک میں ترقی کا سفر جاری رہے گا وزیر اعظم نے اجلاس میں کہا کہ عوامی مسائل کے حل کے لیے تمام وسائل بروئے کار لائے جائیں گے اور معیشت کی بہتری کے لیے اقدامات کیے جا رہے ہیں اس موقع پر متعلقہ حکام نے بریفنگ دی اور بتایا کہ منصوبوں پر کام تیزی سے جاری ہے جبکہ صوبائی حکومتوں کے ساتھ مل کر عوام کو ریلیف فراہم کیا جائے گا اسلام آباد حکومت پاکستان نے عوام کی فلاح و بہبود کے لیے مختلف منصوبوں کا اعلان کیا ہے اور کہا ہے کہ ملک میں ترقی کا سفر جاری رہے گا وزیر اعظم نے اجلاس میں کہا کہ عوامی مسائل کے حل کے لیے تمام وسائل بروئے کار لائے جائیں گے اور معیشت کی بہتری کے لیے اقدامات کیے جا رہے ہیں اس موقع پر متعلقہ حکام نے بریفنگ دی اور بتایا کہ منصوبوں پر کام تیزی سے جاری ہے جبکہ
25	ملکی بجری	بقیہ
اسلام آباد حکومت پاکستان نے عوام کی فلاح و بہبود کے لیے مختلف منصوبوں کا اعلان کیا ہے اور کہا ہے کہ ملک میں ترقی کا سفر جاری رہے گا وزیر اعظم نے اجلاس میں کہا کہ عوامی مسائل کے حل کے لیے تمام وسائل بروئے کار لائے جائیں گے اور معیشت کی بہتری کے لیے اقدامات کیے جا رہے ہیں اس موقع پر متعلقہ حکام نے بریفنگ دی اور بتایا کہ منصوبوں پر کام تیزی سے جاری ہے جبکہ صوبائی حکومتوں کے ساتھ مل کر عوام کو ریلیف فراہم کیا جائے گا اسلام آباد حکومت پاکستان نے عوام کی فلاح و بہبود کے لیے مختلف منصوبوں کا اعلان کیا ہے اور کہا ہے کہ ملک میں ترقی کا سفر جاری رہے گا وزیر اعظم نے اجلاس میں کہا کہ عوامی مسائل کے حل کے لیے تمام وسائل بروئے کار لائے جائیں گے اور معیشت کی بہتری کے لیے اقدامات کیے جا رہے ہیں اس موقع پر متعلقہ حکام نے بریفنگ دی اور بتایا کہ منصوبوں پر کام تیزی سے جاری ہے جبکہ صوبائی حکومتوں کے ساتھ مل کر عوام کو ریلیف فراہم کیا جائے گا اسلام آباد حکومت پاکستان نے عوام کی فلاح و بہبود کے لیے مختلف منصوبوں کا اعلان کیا ہے اور کہا ہے
26	اوپن ایکسپورٹ	بقیہ
اسلام آباد حکومت پاکستان نے عوام کی فلاح و بہبود کے لیے مختلف منصوبوں کا اعلان کیا ہے اور کہا ہے کہ ملک میں ترقی کا سفر جاری رہے گا وزیر اعظم نے اجلاس میں کہا کہ عوامی مسائل کے حل کے لیے تمام وسائل بروئے کار لائے جائیں گے اور معیشت کی بہتری کے لیے اقدامات کیے جا رہے ہیں اس موقع پر متعلقہ حکام نے بریفنگ دی اور بتایا کہ منصوبوں پر کام تیزی سے جاری ہے جبکہ صوبائی حکومتوں کے ساتھ مل کر عوام کو ریلیف فراہم کیا جائے گا اسلام آباد حکومت پاکستان نے عوام کی فلاح و بہبود کے لیے مختلف منصوبوں کا اعلان کیا ہے اور کہا ہے کہ ملک میں ترقی کا سفر جاری رہے گا وزیر اعظم نے اجلاس میں کہا کہ عوامی مسائل کے حل کے لیے تمام وسائل بروئے کار لائے جائیں گے اور معیشت کی بہتری کے لیے اقدامات کیے جا رہے ہیں اس موقع پر متعلقہ حکام نے بریفنگ دی اور بتایا کہ منصوبوں پر کام تیزی سے جاری ہے جبکہ صوبائی حکومتوں کے ساتھ مل کر عوام کو ریلیف فراہم کیا جائے گا اسلام آباد حکومت پاکستان نے عوام کی فلاح و بہبود کے لیے مختلف منصوبوں کا اعلان کیا ہے اور کہا ہے کہ ملک میں ترقی کا سفر جاری رہے گا وزیر اعظم نے اجلاس میں کہا کہ عوامی مسائل کے حل کے لیے تمام وسائل بروئے کار لائے جائیں گے اور معیشت کی بہتری کے لیے اقدامات کیے جا رہے ہیں اس موقع پر متعلقہ حکام نے بریفنگ دی اور بتایا کہ
اسلام آباد حکومت پاکستان نے عوام کی فلاح و بہبود کے لیے مختلف منصوبوں کا اعلان کیا ہے اور کہا ہے کہ ملک میں ترقی کا سفر جاری رہے گا وزیر اعظم نے اجلاس میں کہا کہ عوامی مسائل کے حل کے لیے تمام وسائل بروئے کار لائے جائیں گے اور معیشت کی بہتری کے لیے اقدامات کیے جا رہے ہیں اس موقع پر متعلقہ حکام نے بریفنگ دی اور بتایا
12	احسن اقبال	بقیہ
اسلام آباد حکومت پاکستان نے عوام کی فلاح و بہبود کے لیے مختلف منصوبوں کا اعلان کیا ہے اور کہا ہے کہ ملک میں ترقی کا سفر جاری رہے گا وزیر اعظم نے اجلاس میں کہا کہ عوامی مسائل کے حل کے لیے تمام وسائل بروئے کار لائے جائیں گے اور معیشت کی بہتری کے لیے اقدامات کیے جا رہے ہیں اس موقع پر متعلقہ حکام نے بریفنگ دی اور بتایا کہ منصوبوں پر کام تیزی سے جاری ہے جبکہ صوبائی حکومتوں کے ساتھ مل کر عوام کو ریلیف فراہم کیا جائے گا اسلام آباد حکومت پاکستان نے عوام کی فلاح و بہبود کے لیے
13	ادارے بنیں	بقیہ
اسلام آباد حکومت پاکستان نے عوام کی فلاح و بہبود کے لیے مختلف منصوبوں کا اعلان کیا ہے اور کہا ہے کہ ملک میں ترقی کا سفر جاری رہے گا وزیر اعظم نے اجلاس میں کہا کہ عوامی مسائل کے حل کے لیے تمام وسائل بروئے کار لائے جائیں گے اور معیشت کی بہتری کے لیے اقدامات کیے جا رہے ہیں اس موقع پر متعلقہ حکام نے بریفنگ دی اور بتایا کہ منصوبوں پر کام تیزی سے جاری ہے جبکہ صوبائی حکومتوں کے ساتھ مل کر عوام کو ریلیف فراہم کیا جائے گا اسلام آباد حکومت پاکستان نے عوام کی فلاح و بہبود کے لیے مختلف منصوبوں کا اعلان کیا ہے اور کہا ہے کہ ملک میں ترقی کا سفر جاری رہے گا وزیر اعظم نے اجلاس میں کہا کہ عوامی مسائل کے حل کے لیے تمام وسائل بروئے کار لائے جائیں گے اور معیشت کی بہتری کے لیے اقدامات کیے جا رہے ہیں اس موقع پر متعلقہ
14	تعزیت	بقیہ
اسلام آباد حکومت پاکستان نے عوام کی فلاح و بہبود کے لیے مختلف منصوبوں کا اعلان کیا ہے اور کہا ہے کہ ملک میں ترقی کا سفر جاری رہے گا وزیر اعظم نے اجلاس میں کہا کہ عوامی مسائل کے حل کے لیے تمام وسائل بروئے کار لائے جائیں گے اور معیشت کی بہتری کے لیے اقدامات کیے جا رہے ہیں اس موقع پر متعلقہ حکام نے بریفنگ دی اور بتایا کہ منصوبوں پر کام تیزی سے جاری ہے جبکہ صوبائی حکومتوں کے ساتھ مل کر عوام کو
15	قتل شدہ	بقیہ
اسلام آباد حکومت پاکستان نے عوام کی فلاح و بہبود کے لیے مختلف منصوبوں کا اعلان کیا ہے اور کہا ہے کہ ملک میں ترقی کا سفر جاری رہے گا وزیر اعظم نے اجلاس میں کہا کہ عوامی مسائل کے حل کے لیے تمام وسائل بروئے کار لائے جائیں گے اور معیشت کی بہتری کے لیے اقدامات کیے جا رہے ہیں اس موقع پر متعلقہ حکام نے بریفنگ دی اور بتایا کہ منصوبوں پر کام تیزی سے جاری ہے جبکہ صوبائی حکومتوں کے ساتھ مل کر عوام کو ریلیف فراہم کیا جائے گا اسلام آباد حکومت پاکستان نے عوام کی فلاح و بہبود کے لیے مختلف منصوبوں کا اعلان کیا ہے اور کہا ہے کہ ملک میں ترقی کا سفر جاری رہے گا وزیر اعظم نے اجلاس میں کہا کہ عوامی مسائل کے حل کے لیے تمام وسائل بروئے کار لائے جائیں گے اور معیشت کی بہتری کے لیے اقدامات کیے جا رہے ہیں اس موقع پر متعلقہ حکام نے بریفنگ دی اور بتایا کہ منصوبوں پر کام تیزی سے جاری ہے جبکہ صوبائی حکومتوں کے ساتھ مل کر عوام کو ریلیف
16	رہائشی	بقیہ
اسلام آباد حکومت پاکستان نے عوام کی فلاح و بہبود کے لیے مختلف منصوبوں کا اعلان کیا ہے اور کہا ہے کہ ملک میں ترقی کا سفر جاری رہے گا وزیر اعظم نے اجلاس میں کہا کہ عوامی مسائل کے حل کے لیے تمام وسائل بروئے کار لائے جائیں گے اور معیشت کی بہتری کے لیے اقدامات کیے جا رہے ہیں اس موقع پر متعلقہ حکام نے بریفنگ دی اور بتایا کہ منصوبوں پر کام تیزی سے جاری ہے جبکہ صوبائی حکومتوں کے ساتھ مل کر عوام کو ریلیف فراہم کیا جائے گا اسلام آباد حکومت پاکستان نے عوام کی فلاح و بہبود کے لیے مختلف منصوبوں کا اعلان کیا ہے اور کہا ہے کہ ملک میں ترقی کا سفر جاری رہے گا وزیر اعظم نے اجلاس میں کہا کہ عوامی مسائل کے حل کے لیے تمام وسائل بروئے کار لائے جائیں گے اور معیشت کی بہتری کے لیے
17	اہلکار	بقیہ
اسلام آباد حکومت پاکستان نے عوام کی فلاح و بہبود کے لیے مختلف منصوبوں کا اعلان کیا ہے اور کہا ہے کہ ملک میں ترقی کا سفر جاری رہے گا وزیر اعظم نے اجلاس میں کہا کہ عوامی مسائل کے حل کے لیے تمام وسائل بروئے کار لائے جائیں گے اور معیشت کی بہتری کے لیے اقدامات کیے جا رہے ہیں اس موقع پر متعلقہ حکام نے بریفنگ دی اور بتایا
18	قتل شدہ	بقیہ
اسلام آباد حکومت پاکستان نے عوام کی فلاح و بہبود کے لیے مختلف منصوبوں کا اعلان کیا ہے اور کہا ہے کہ ملک میں ترقی کا سفر جاری رہے گا وزیر اعظم نے اجلاس میں کہا کہ عوامی مسائل کے حل کے لیے تمام وسائل بروئے کار لائے جائیں گے اور معیشت کی بہتری کے لیے اقدامات کیے جا رہے ہیں اس موقع پر متعلقہ حکام نے بریفنگ دی اور بتایا کہ منصوبوں پر کام تیزی سے جاری ہے جبکہ
19	درخواست	بقیہ
اسلام آباد حکومت پاکستان نے عوام کی فلاح و بہبود کے لیے مختلف منصوبوں کا اعلان کیا ہے اور کہا ہے کہ ملک میں ترقی کا سفر جاری رہے گا وزیر اعظم نے اجلاس میں کہا کہ عوامی مسائل کے حل کے لیے تمام وسائل بروئے کار لائے جائیں گے اور معیشت کی بہتری کے لیے اقدامات کیے جا رہے ہیں اس موقع پر متعلقہ حکام نے بریفنگ دی اور بتایا
اسلام آباد حکومت پاکستان نے عوام کی فلاح و بہبود کے لیے مختلف منصوبوں کا اعلان کیا ہے اور کہا ہے کہ ملک میں ترقی کا سفر جاری رہے گا وزیر اعظم نے اجلاس میں کہا کہ عوامی مسائل کے حل کے لیے تمام وسائل بروئے کار لائے جائیں
5	صدر مملکت	بقیہ
اسلام آباد حکومت پاکستان نے عوام کی فلاح و بہبود کے لیے مختلف منصوبوں کا اعلان کیا ہے اور کہا ہے کہ ملک میں ترقی کا سفر جاری رہے گا وزیر اعظم نے اجلاس میں کہا کہ عوامی مسائل کے حل کے لیے تمام وسائل بروئے کار لائے جائیں گے اور معیشت کی بہتری کے لیے اقدامات کیے جا رہے ہیں اس موقع پر متعلقہ حکام نے بریفنگ دی اور بتایا کہ منصوبوں پر کام تیزی سے جاری ہے جبکہ صوبائی حکومتوں کے ساتھ مل کر عوام کو ریلیف فراہم کیا جائے گا اسلام آباد حکومت پاکستان نے عوام کی فلاح و بہبود کے لیے مختلف منصوبوں کا اعلان کیا ہے اور کہا ہے کہ ملک میں ترقی کا سفر جاری رہے گا وزیر اعظم نے اجلاس میں کہا کہ عوامی مسائل کے حل کے لیے تمام وسائل
6	طالب الٹیا	بقیہ
اسلام آباد حکومت پاکستان نے عوام کی
7	وزیر مظفر	بقیہ
اسلام آباد حکومت پاکستان نے عوام کی فلاح و بہبود کے لیے مختلف منصوبوں کا اعلان کیا ہے اور کہا ہے کہ ملک میں ترقی کا سفر جاری رہے گا وزیر اعظم نے اجلاس میں کہا کہ عوامی مسائل کے حل کے لیے تمام وسائل بروئے کار لائے جائیں گے اور معیشت کی بہتری کے لیے اقدامات کیے جا رہے ہیں اس موقع پر متعلقہ حکام نے بریفنگ دی اور بتایا کہ منصوبوں پر کام تیزی سے جاری ہے جبکہ صوبائی حکومتوں کے ساتھ مل کر عوام کو ریلیف فراہم کیا جائے گا اسلام آباد حکومت پاکستان نے عوام کی فلاح و بہبود کے لیے مختلف منصوبوں کا اعلان کیا ہے اور کہا ہے کہ ملک میں ترقی کا سفر جاری رہے گا وزیر اعظم نے اجلاس میں کہا کہ عوامی مسائل کے حل کے لیے تمام وسائل بروئے کار لائے جائیں گے اور معیشت کی بہتری کے لیے اقدامات کیے جا رہے ہیں
8	ملاقات	بقیہ
اسلام آباد حکومت پاکستان نے عوام کی فلاح و بہبود کے لیے مختلف منصوبوں کا اعلان کیا ہے اور کہا ہے کہ ملک میں ترقی کا سفر جاری رہے گا وزیر اعظم نے اجلاس میں کہا کہ عوامی مسائل کے حل کے لیے تمام وسائل بروئے کار لائے جائیں گے اور معیشت کی بہتری کے لیے اقدامات کیے جا رہے ہیں اس موقع پر متعلقہ حکام نے بریفنگ دی اور بتایا کہ منصوبوں پر کام تیزی سے جاری ہے جبکہ صوبائی حکومتوں کے ساتھ مل کر عوام کو ریلیف فراہم کیا جائے گا اسلام آباد حکومت پاکستان نے عوام کی فلاح و بہبود کے لیے مختلف منصوبوں کا اعلان کیا ہے اور کہا ہے کہ ملک میں ترقی کا سفر جاری رہے گا وزیر اعظم نے اجلاس میں کہا کہ عوامی مسائل کے حل کے لیے تمام وسائل بروئے کار لائے جائیں گے اور معیشت کی بہتری کے لیے اقدامات کیے جا رہے ہیں اس موقع پر متعلقہ حکام نے بریفنگ دی اور بتایا کہ منصوبوں پر کام تیزی سے جاری ہے جبکہ صوبائی حکومتوں کے ساتھ مل کر عوام کو ریلیف فراہم کیا جائے گا اسلام آباد حکومت پاکستان نے عوام کی فلاح و بہبود کے لیے مختلف منصوبوں کا اعلان کیا ہے اور کہا ہے کہ ملک میں ترقی کا سفر جاری رہے گا وزیر اعظم نے اجلاس میں کہا کہ عوامی مسائل کے حل کے لیے تمام وسائل بروئے کار لائے جائیں گے اور معیشت کی بہتری کے لیے اقدامات کیے جا رہے ہیں اس موقع پر متعلقہ حکام نے بریفنگ دی اور بتایا کہ منصوبوں پر کام تیزی سے جاری ہے جبکہ صوبائی حکومتوں کے ساتھ مل کر عوام کو ریلیف فراہم کیا جائے گا اسلام آباد حکومت پاکستان نے عوام کی فلاح و بہبود کے لیے مختلف منصوبوں کا اعلان کیا ہے اور کہا ہے کہ ملک میں ترقی کا سفر جاری رہے گا وزیر اعظم نے اجلاس میں کہا کہ عوامی مسائل کے حل کے لیے تمام وسائل بروئے کار لائے جائیں گے اور معیشت کی بہتری کے لیے اقدامات کیے جا رہے ہیں اس موقع پر متعلقہ حکام نے بریفنگ دی اور بتایا کہ منصوبوں پر کام تیزی سے جاری ہے جبکہ صوبائی حکومتوں کے ساتھ
9	خواتین	بقیہ
اسلام آباد حکومت پاکستان نے عوام کی فلاح و بہبود کے لیے مختلف منصوبوں کا اعلان کیا ہے اور کہا ہے کہ ملک میں ترقی کا سفر جاری رہے گا وزیر اعظم نے اجلاس میں کہا کہ عوامی مسائل کے حل کے لیے تمام وسائل بروئے کار لائے جائیں گے اور معیشت کی بہتری کے لیے اقدامات کیے جا رہے ہیں اس موقع پر متعلقہ حکام نے بریفنگ دی اور بتایا کہ منصوبوں پر کام تیزی سے جاری ہے جبکہ صوبائی حکومتوں کے ساتھ مل کر عوام کو ریلیف فراہم کیا جائے گا اسلام آباد حکومت پاکستان نے عوام کی فلاح و بہبود کے لیے مختلف منصوبوں کا اعلان کیا ہے اور کہا ہے کہ ملک میں ترقی کا سفر جاری رہے گا وزیر اعظم نے اجلاس میں کہا کہ عوامی مسائل کے حل کے لیے تمام وسائل بروئے کار لائے جائیں گے اور معیشت کی بہتری کے لیے اقدامات کیے جا رہے ہیں اس موقع پر متعلقہ حکام نے بریفنگ دی اور بتایا کہ منصوبوں پر کام تیزی سے جاری ہے جبکہ صوبائی حکومتوں کے ساتھ مل کر عوام کو ریلیف فراہم کیا جائے گا اسلام آباد حکومت پاکستان نے عوام کی
10	ترکی	بقیہ
اسلام آباد حکومت پاکستان نے عوام کی فلاح و بہبود کے لیے مختلف منصوبوں کا اعلان کیا ہے اور کہا ہے کہ ملک میں ترقی کا سفر جاری رہے گا وزیر اعظم نے اجلاس میں کہا کہ عوامی مسائل کے حل کے لیے تمام وسائل بروئے کار لائے جائیں گے اور معیشت کی بہتری کے لیے اقدامات کیے جا رہے ہیں اس موقع پر متعلقہ حکام نے بریفنگ دی اور بتایا کہ منصوبوں پر کام تیزی سے جاری ہے جبکہ صوبائی حکومتوں کے ساتھ مل کر عوام کو ریلیف فراہم کیا جائے گا اسلام آباد حکومت
11	ملاقات	بقیہ
اسلام آباد حکومت پاکستان نے عوام کی فلاح و بہبود کے لیے مختلف منصوبوں کا اعلان کیا ہے اور کہا ہے کہ ملک میں ترقی کا سفر جاری رہے گا وزیر اعظم نے اجلاس میں کہا کہ عوامی مسائل کے حل کے لیے تمام وسائل بروئے کار لائے جائیں گے اور معیشت کی بہتری کے لیے اقدامات کیے جا رہے ہیں اس موقع پر متعلقہ
اشتہار برائے پیشی
بعدالت جناب جج فیملی ثالثی یونین کونسل (19) ترلائی کلاں اسلام آباد 146 گلی نمبر 12 ٹی چوہدری شاہ ولایت 146 Basilica of Santa Maria Maggiore کی جانب سے آپ کو حکم دیا جاتا ہے کہ تاریخ پیشی پر حاضر ہوں بصورت دیگر کاروائی یکطرفہ عمل میں لائی جائے گی
المشتہر
یونین کونسل 9 ترلائی اسلام آباد
1	ڈی ایس پی انٹیلی جنس بقیہ
اسلام آباد حکومت پاکستان نے عوام کی فلاح و بہبود کے لیے مختلف منصوبوں کا اعلان کیا ہے اور کہا ہے کہ ملک میں ترقی کا سفر جاری رہے گا وزیر اعظم نے اجلاس میں کہا کہ عوامی مسائل کے حل کے لیے تمام وسائل بروئے کار لائے جائیں گے اور معیشت کی بہتری کے لیے اقدامات کیے جا رہے ہیں اس موقع پر متعلقہ حکام نے بریفنگ دی اور بتایا کہ منصوبوں پر کام تیزی سے جاری ہے جبکہ صوبائی حکومتوں کے ساتھ مل کر عوام کو ریلیف فراہم کیا جائے گا اسلام آباد حکومت پاکستان نے عوام کی فلاح و بہبود کے لیے مختلف منصوبوں کا اعلان کیا ہے اور کہا ہے کہ ملک میں ترقی کا سفر جاری رہے گا وزیر اعظم نے اجلاس میں کہا کہ عوامی مسائل کے حل کے لیے تمام وسائل بروئے کار لائے جائیں گے اور معیشت کی بہتری کے لیے اقدامات کیے جا رہے ہیں اس موقع پر متعلقہ حکام نے بریفنگ دی اور بتایا کہ منصوبوں پر کام تیزی سے جاری ہے جبکہ صوبائی حکومتوں کے ساتھ مل کر عوام کو ریلیف فراہم کیا جائے گا اسلام آباد حکومت پاکستان نے عوام کی فلاح و بہبود کے لیے مختلف منصوبوں کا
2	فضل الرحمان	بقیہ
اسلام آباد حکومت پاکستان نے عوام کی فلاح و بہبود کے لیے مختلف منصوبوں کا اعلان کیا ہے اور کہا ہے کہ ملک میں ترقی کا سفر جاری رہے گا وزیر اعظم نے اجلاس میں کہا کہ عوامی مسائل کے حل کے لیے تمام وسائل بروئے کار لائے جائیں گے اور معیشت کی بہتری کے لیے اقدامات کیے جا رہے ہیں اس موقع پر متعلقہ حکام نے بریفنگ دی اور بتایا کہ منصوبوں پر کام تیزی سے جاری ہے جبکہ صوبائی حکومتوں کے ساتھ مل کر عوام کو ریلیف فراہم کیا جائے گا اسلام آباد حکومت پاکستان نے عوام کی فلاح و بہبود کے لیے مختلف منصوبوں کا اعلان کیا ہے اور کہا ہے کہ ملک میں ترقی کا سفر جاری رہے گا وزیر اعظم نے اجلاس میں کہا کہ عوامی مسائل کے حل کے لیے تمام وسائل بروئے کار لائے جائیں گے اور معیشت کی بہتری کے لیے اقدامات کیے جا رہے ہیں اس موقع پر متعلقہ حکام نے بریفنگ دی اور بتایا کہ منصوبوں پر کام تیزی سے جاری ہے جبکہ صوبائی حکومتوں کے ساتھ مل کر عوام کو ریلیف فراہم کیا جائے گا اسلام آباد حکومت پاکستان نے عوام کی فلاح و بہبود کے لیے مختلف منصوبوں کا اعلان کیا ہے اور کہا ہے کہ ملک میں ترقی کا سفر جاری رہے گا وزیر اعظم نے اجلاس میں کہا کہ عوامی مسائل کے حل کے لیے تمام وسائل بروئے کار لائے جائیں گے اور معیشت کی بہتری کے لیے اقدامات کیے جا رہے ہیں اس موقع پر متعلقہ حکام نے بریفنگ دی اور بتایا کہ منصوبوں پر کام تیزی سے جاری ہے جبکہ صوبائی حکومتوں کے ساتھ مل کر عوام کو ریلیف فراہم کیا
3	اتفاق	بقیہ
اسلام آباد حکومت پاکستان نے عوام کی فلاح و بہبود کے لیے مختلف منصوبوں کا اعلان کیا ہے اور کہا ہے کہ ملک میں ترقی کا سفر جاری رہے گا وزیر اعظم نے اجلاس میں کہا کہ عوامی مسائل کے حل کے لیے تمام وسائل بروئے کار لائے جائیں گے اور معیشت کی بہتری کے لیے اقدامات کیے جا رہے ہیں اس موقع پر متعلقہ حکام نے بریفنگ دی اور بتایا کہ منصوبوں پر کام تیزی سے جاری ہے جبکہ صوبائی حکومتوں کے ساتھ مل کر عوام کو ریلیف فراہم کیا جائے گا اسلام آباد حکومت پاکستان نے عوام
4	سرکاری بولیٹ	بقیہ
اسلام آباد حکومت پاکستان نے عوام کی فلاح و بہبود کے لیے مختلف منصوبوں کا اعلان کیا ہے اور کہا ہے کہ ملک میں ترقی کا سفر جاری رہے گا وزیر اعظم نے اجلاس میں کہا کہ عوامی مسائل کے حل کے لیے تمام وسائل بروئے کار لائے جائیں گے اور معیشت کی بہتری کے لیے اقدامات کیے جا رہے ہیں اس موقع پر متعلقہ حکام نے بریفنگ دی اور بتایا کہ منصوبوں پر کام تیزی سے جاری ہے جبکہ صوبائی حکومتوں کے ساتھ مل کر عوام کو ریلیف فراہم کیا جائے گا اسلام آباد حکومت پاکستان نے عوام کی فلاح و بہبود کے لیے مختلف منصوبوں کا اعلان کیا ہے اور کہا ہے کہ ملک میں ترقی کا سفر جاری رہے گا وزیر اعظم نے اجلاس میں کہا کہ عوامی مسائل کے حل کے لیے تمام وسائل بروئے کار لائے جائیں گے اور معیشت کی بہتری کے لیے اقدامات کیے جا رہے ہیں اس موقع پر متعلقہ حکام نے بریفنگ دی اور بتایا کہ منصوبوں پر کام تیزی سے جاری ہے جبکہ صوبائی حکومتوں کے ساتھ مل کر عوام کو ریلیف فراہم کیا جائے گا اسلام آباد حکومت پاکستان نے عوام کی فلاح و بہبود کے لیے مختلف منصوبوں کا اعلان کیا ہے اور کہا ہے کہ ملک میں ترقی کا سفر جاری رہے گا وزیر اعظم نے اجلاس میں کہا کہ عوامی مسائل کے حل کے لیے تمام وسائل بروئے کار لائے جائیں گے اور معیشت کی بہتری کے لیے اقدامات کیے جا رہے ہیں اس موقع پر متعلقہ حکام نے بریفنگ دی اور بتایا کہ منصوبوں پر کام تیزی سے جاری ہے جبکہ صوبائی حکومتوں کے ساتھ مل کر عوام کو ریلیف فراہم کیا جائے گا اسلام آباد حکومت پاکستان نے عوام کی فلاح و بہبود کے لیے مختلف منصوبوں کا اعلان کیا ہے اور کہا ہے کہ ملک میں ترقی کا سفر جاری رہے گا وزیر اعظم نے اجلاس میں کہا کہ عوامی مسائل کے حل کے لیے تمام وسائل بروئے کار لائے جائیں گے اور معیشت کی بہتری کے لیے اقدامات کیے جا
